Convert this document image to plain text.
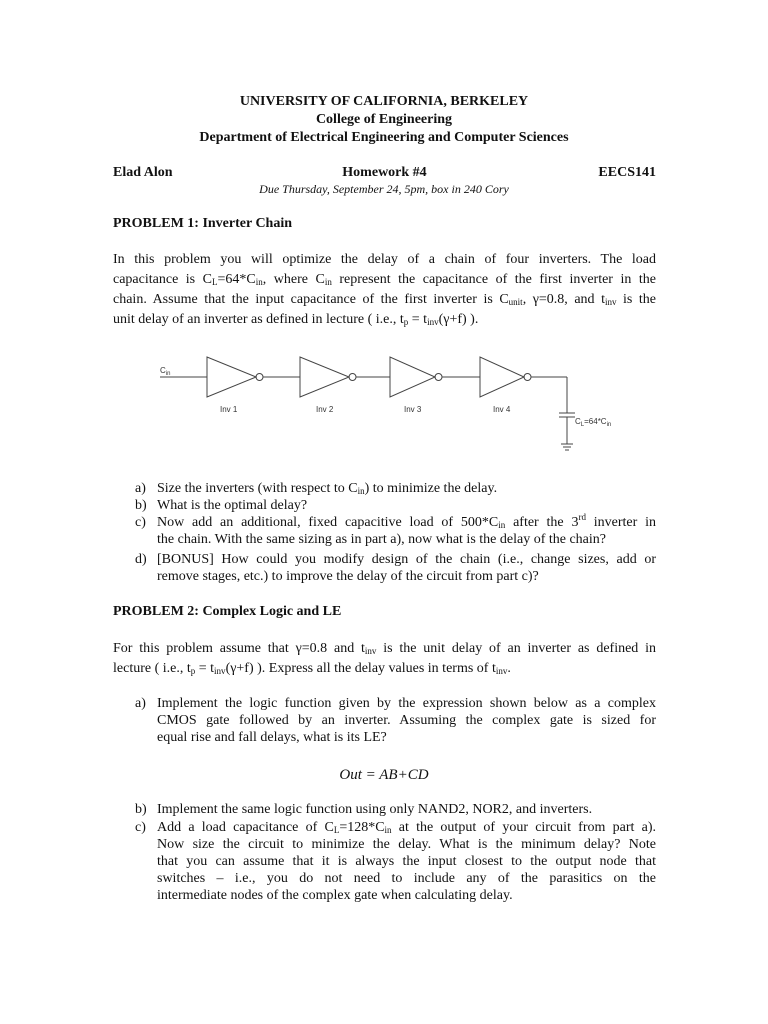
UNIVERSITY OF CALIFORNIA, BERKELEY
College of Engineering
Department of Electrical Engineering and Computer Sciences
Elad Alon	Homework #4	EECS141
Due Thursday, September 24, 5pm, box in 240 Cory
PROBLEM 1: Inverter Chain
In this problem you will optimize the delay of a chain of four inverters. The load
capacitance is $C_L=64*C_{in}$, where $C_{in}$ represent the capacitance of the first inverter in the
chain. Assume that the input capacitance of the first inverter is $C_{unit}$, γ=0.8, and $t_{inv}$ is the
unit delay of an inverter as defined in lecture ( i.e., $t_p = t_{inv}(\gamma+f)$ ).
$C_{in}$
Inv 1	Inv 2	Inv 3	Inv 4
$C_L=64*C_{in}$
a) Size the inverters (with respect to $C_{in}$) to minimize the delay.
b) What is the optimal delay?
c) Now add an additional, fixed capacitive load of $500*C_{in}$ after the 3rd inverter in
the chain. With the same sizing as in part a), now what is the delay of the chain?
d) [BONUS] How could you modify design of the chain (i.e., change sizes, add or
remove stages, etc.) to improve the delay of the circuit from part c)?
PROBLEM 2: Complex Logic and LE
For this problem assume that γ=0.8 and $t_{inv}$ is the unit delay of an inverter as defined in
lecture ( i.e., $t_p = t_{inv}(\gamma+f)$ ). Express all the delay values in terms of $t_{inv}$.
a) Implement the logic function given by the expression shown below as a complex
CMOS gate followed by an inverter. Assuming the complex gate is sized for
equal rise and fall delays, what is its LE?
Out = AB+CD
b) Implement the same logic function using only NAND2, NOR2, and inverters.
c) Add a load capacitance of $C_L=128*C_{in}$ at the output of your circuit from part a).
Now size the circuit to minimize the delay. What is the minimum delay? Note
that you can assume that it is always the input closest to the output node that
switches – i.e., you do not need to include any of the parasitics on the
intermediate nodes of the complex gate when calculating delay.
